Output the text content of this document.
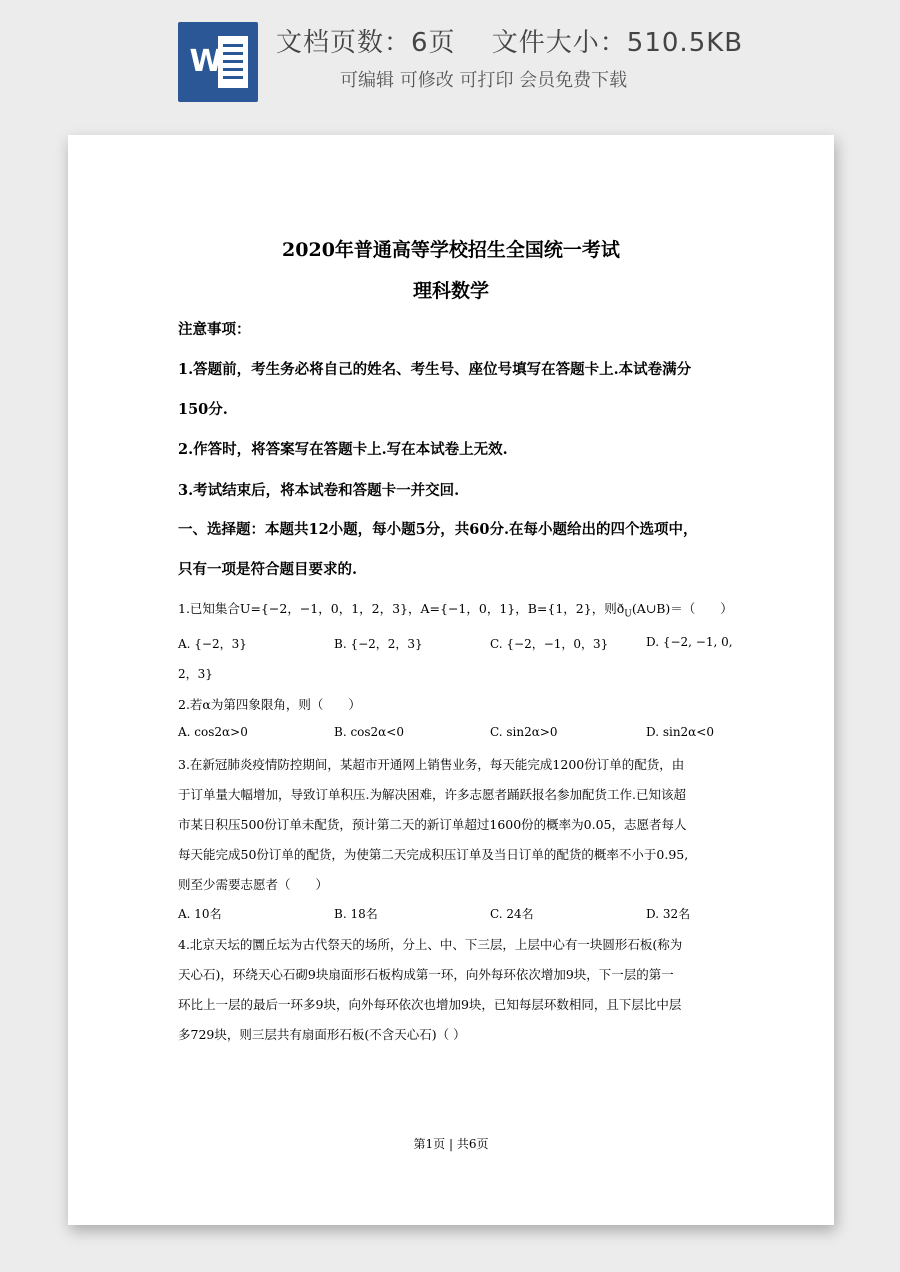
W
文档页数：6页　 文件大小：510.5KB
可编辑 可修改 可打印 会员免费下载
2020年普通高等学校招生全国统一考试
理科数学
注意事项：
1.答题前，考生务必将自己的姓名、考生号、座位号填写在答题卡上.本试卷满分
150分.
2.作答时，将答案写在答题卡上.写在本试卷上无效.
3.考试结束后，将本试卷和答题卡一并交回.
一、选择题：本题共12小题，每小题5分，共60分.在每小题给出的四个选项中，
只有一项是符合题目要求的.
1.已知集合U={−2，−1，0，1，2，3}，A={−1，0，1}，B={1，2}，则$ð_U(A\cup B)=$（　　）
A. {−2，3}	B. {−2，2，3}	C. {−2，−1，0，3}	D. {−2, −1, 0,
2，3}
2.若α为第四象限角，则（　　）
A. cos2α>0	B. cos2α<0	C. sin2α>0	D. sin2α<0
3.在新冠肺炎疫情防控期间，某超市开通网上销售业务，每天能完成1200份订单的配货，由
于订单量大幅增加，导致订单积压.为解决困难，许多志愿者踊跃报名参加配货工作.已知该超
市某日积压500份订单未配货，预计第二天的新订单超过1600份的概率为0.05，志愿者每人
每天能完成50份订单的配货，为使第二天完成积压订单及当日订单的配货的概率不小于0.95,
则至少需要志愿者（　　）
A. 10名	B. 18名	C. 24名	D. 32名
4.北京天坛的圜丘坛为古代祭天的场所，分上、中、下三层，上层中心有一块圆形石板(称为
天心石)，环绕天心石砌9块扇面形石板构成第一环，向外每环依次增加9块，下一层的第一
环比上一层的最后一环多9块，向外每环依次也增加9块，已知每层环数相同，且下层比中层
多729块，则三层共有扇面形石板(不含天心石)（ ）
第1页 | 共6页
